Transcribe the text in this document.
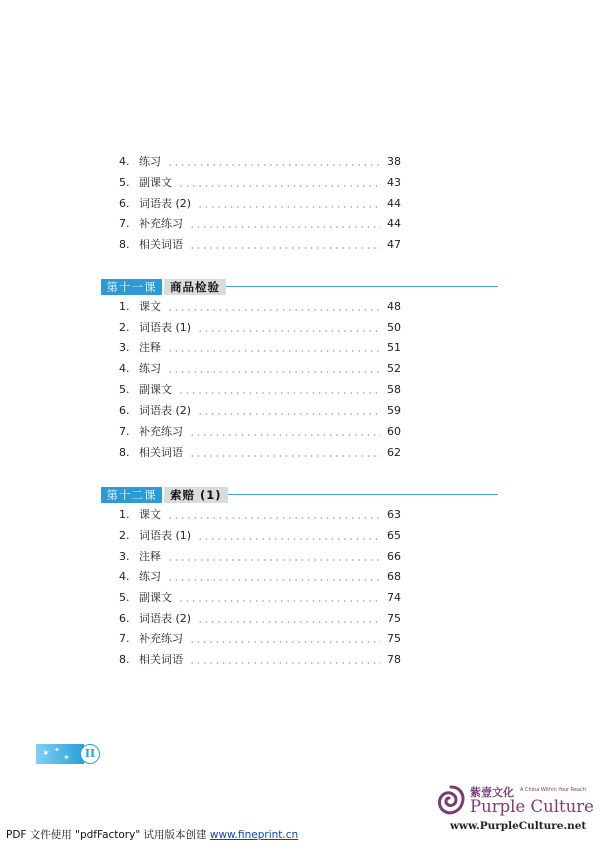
4. 练习	38
5. 副课文	43
6. 词语表 (2)	44
7. 补充练习	44
8. 相关词语	47
第十一课	商品检验
1. 课文	48
2. 词语表 (1)	50
3. 注释	51
4. 练习	52
5. 副课文	58
6. 词语表 (2)	59
7. 补充练习	60
8. 相关词语	62
第十二课	索赔 (1)
1. 课文	63
2. 词语表 (1)	65
3. 注释	66
4. 练习	68
5. 副课文	74
6. 词语表 (2)	75
7. 补充练习	75
8. 相关词语	78
✶ ✦
✶	II
紫壹文化 A China Within Your Reach
Purple Culture
www.PurpleCulture.net
PDF 文件使用 "pdfFactory" 试用版本创建 www.fineprint.cn
